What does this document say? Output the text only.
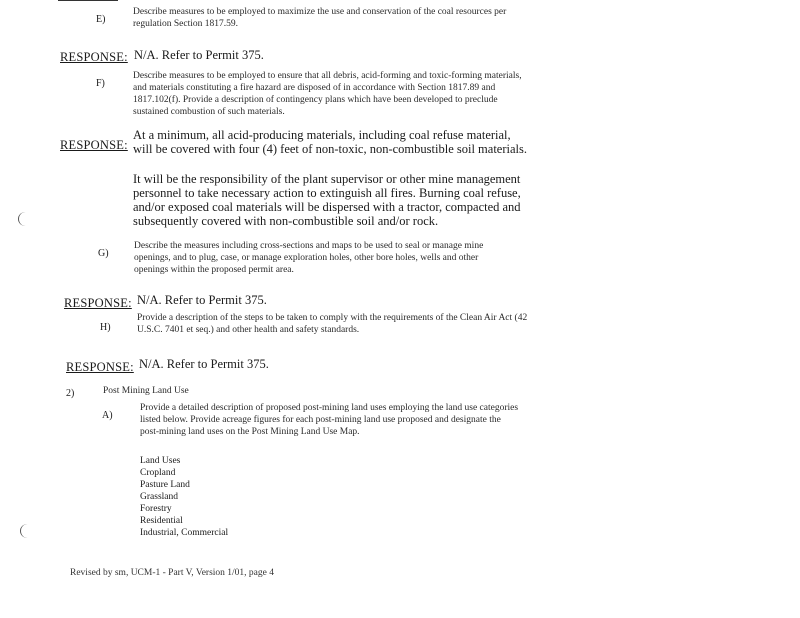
E)
Describe measures to be employed to maximize the use and conservation of the coal resources per regulation Section 1817.59.
RESPONSE: N/A. Refer to Permit 375.
F)
Describe measures to be employed to ensure that all debris, acid-forming and toxic-forming materials, and materials constituting a fire hazard are disposed of in accordance with Section 1817.89 and 1817.102(f). Provide a description of contingency plans which have been developed to preclude sustained combustion of such materials.
RESPONSE:
At a minimum, all acid-producing materials, including coal refuse material, will be covered with four (4) feet of non-toxic, non-combustible soil materials.
It will be the responsibility of the plant supervisor or other mine management personnel to take necessary action to extinguish all fires. Burning coal refuse, and/or exposed coal materials will be dispersed with a tractor, compacted and subsequently covered with non-combustible soil and/or rock.
G)
Describe the measures including cross-sections and maps to be used to seal or manage mine openings, and to plug, case, or manage exploration holes, other bore holes, wells and other openings within the proposed permit area.
RESPONSE: N/A. Refer to Permit 375.
H)
Provide a description of the steps to be taken to comply with the requirements of the Clean Air Act (42 U.S.C. 7401 et seq.) and other health and safety standards.
RESPONSE: N/A. Refer to Permit 375.
2)	Post Mining Land Use
A)
Provide a detailed description of proposed post-mining land uses employing the land use categories listed below. Provide acreage figures for each post-mining land use proposed and designate the post-mining land uses on the Post Mining Land Use Map.
Land Uses
Cropland
Pasture Land
Grassland
Forestry
Residential
Industrial, Commercial
Revised by sm, UCM-1 - Part V, Version 1/01, page 4
